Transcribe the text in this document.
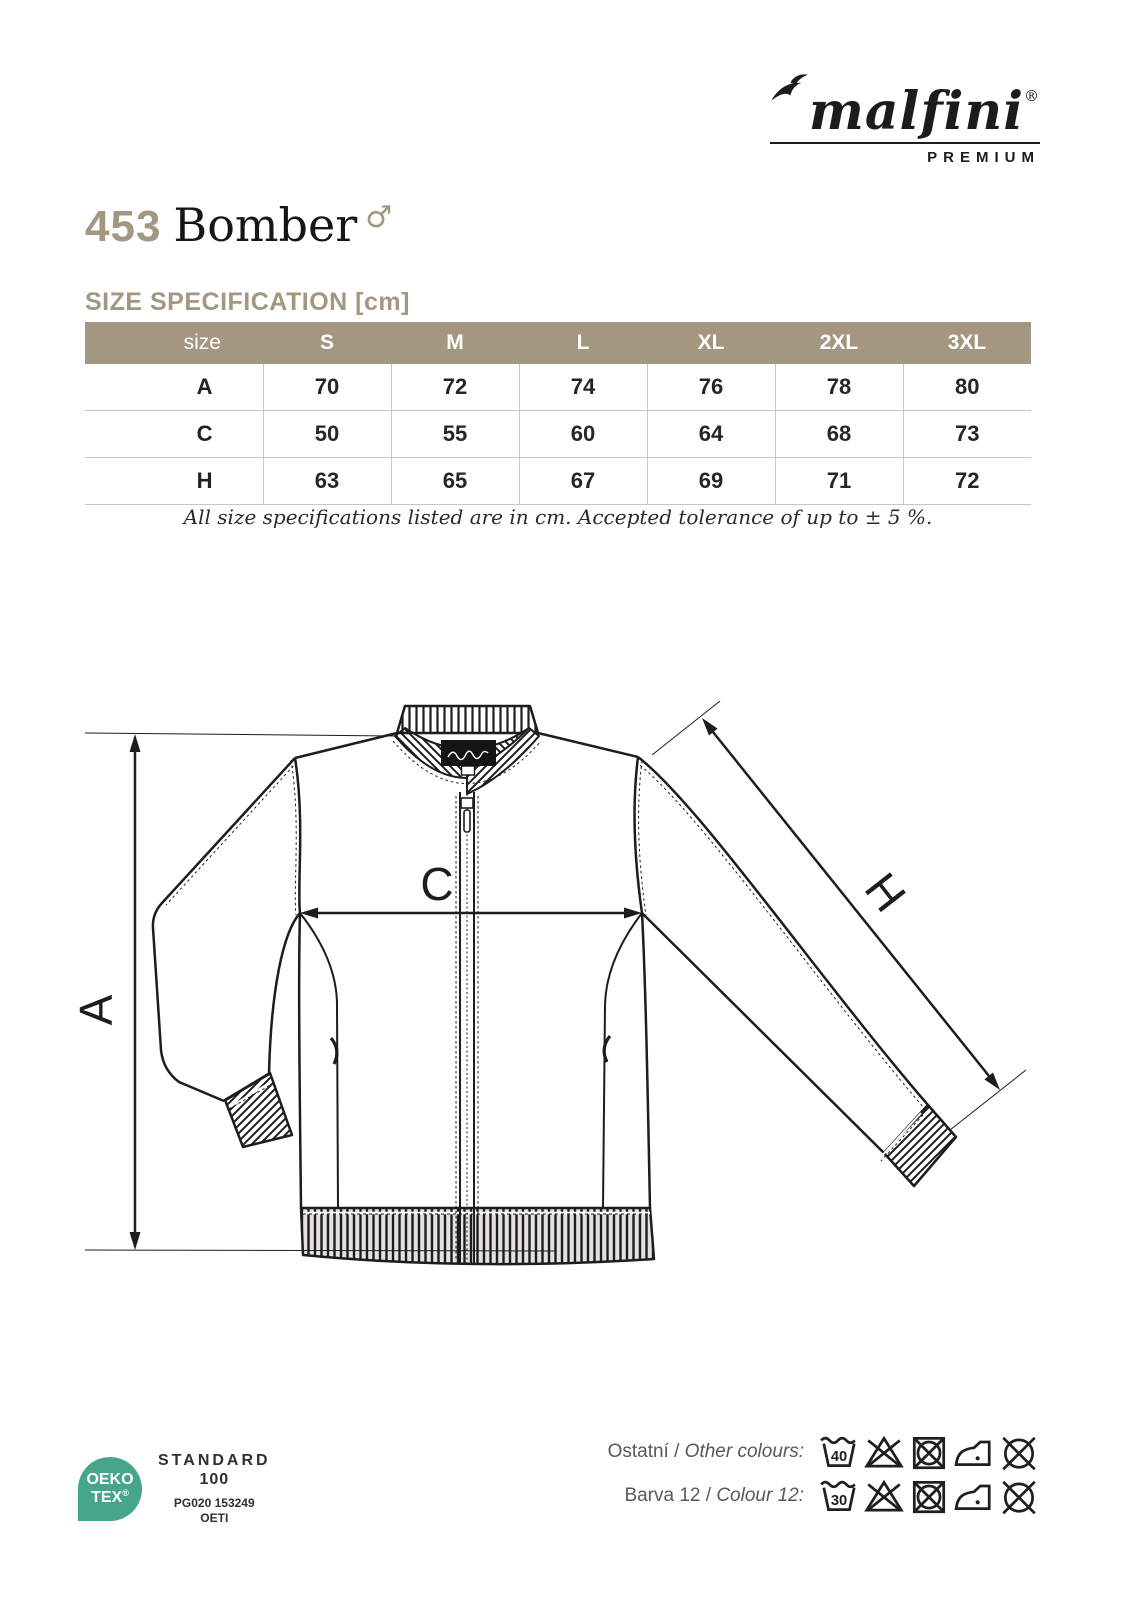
malfini®
PREMIUM
453 Bomber ♂
SIZE SPECIFICATION [cm]
size	S	M	L	XL	2XL	3XL
A	70	72	74	76	78	80
C	50	55	60	64	68	73
H	63	65	67	69	71	72
All size specifications listed are in cm. Accepted tolerance of up to ± 5 %.
A
C	H
OEKO
TEX®
STANDARD
100
PG020 153249
OETI
Ostatní / Other colours: 40
Barva 12 / Colour 12: 30
